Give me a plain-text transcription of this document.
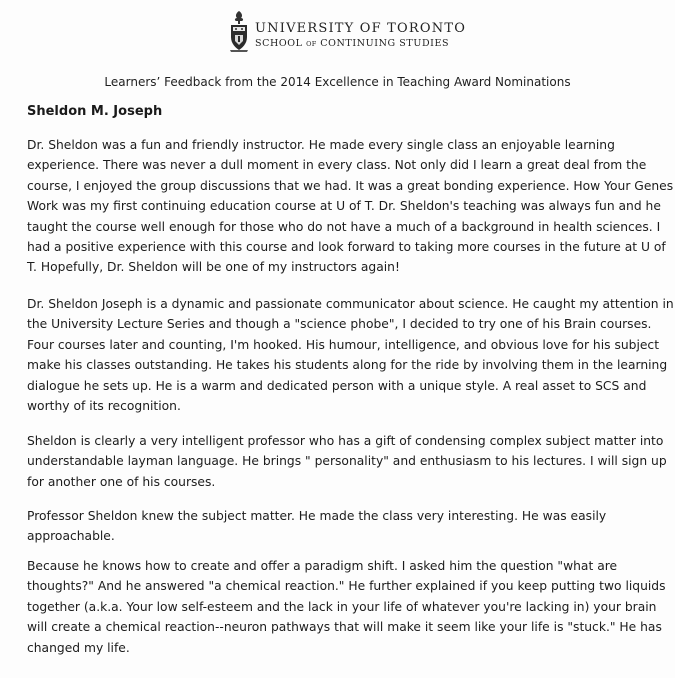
UNIVERSITY OF TORONTO
SCHOOL OF CONTINUING STUDIES
Learners’ Feedback from the 2014 Excellence in Teaching Award Nominations
Sheldon M. Joseph
Dr. Sheldon was a fun and friendly instructor. He made every single class an enjoyable learning
experience. There was never a dull moment in every class. Not only did I learn a great deal from the
course, I enjoyed the group discussions that we had. It was a great bonding experience. How Your Genes
Work was my first continuing education course at U of T. Dr. Sheldon's teaching was always fun and he
taught the course well enough for those who do not have a much of a background in health sciences. I
had a positive experience with this course and look forward to taking more courses in the future at U of
T. Hopefully, Dr. Sheldon will be one of my instructors again!
Dr. Sheldon Joseph is a dynamic and passionate communicator about science. He caught my attention in
the University Lecture Series and though a "science phobe", I decided to try one of his Brain courses.
Four courses later and counting, I'm hooked. His humour, intelligence, and obvious love for his subject
make his classes outstanding. He takes his students along for the ride by involving them in the learning
dialogue he sets up. He is a warm and dedicated person with a unique style. A real asset to SCS and
worthy of its recognition.
Sheldon is clearly a very intelligent professor who has a gift of condensing complex subject matter into
understandable layman language. He brings " personality" and enthusiasm to his lectures. I will sign up
for another one of his courses.
Professor Sheldon knew the subject matter. He made the class very interesting. He was easily
approachable.
Because he knows how to create and offer a paradigm shift. I asked him the question "what are
thoughts?" And he answered "a chemical reaction." He further explained if you keep putting two liquids
together (a.k.a. Your low self-esteem and the lack in your life of whatever you're lacking in) your brain
will create a chemical reaction--neuron pathways that will make it seem like your life is "stuck." He has
changed my life.
